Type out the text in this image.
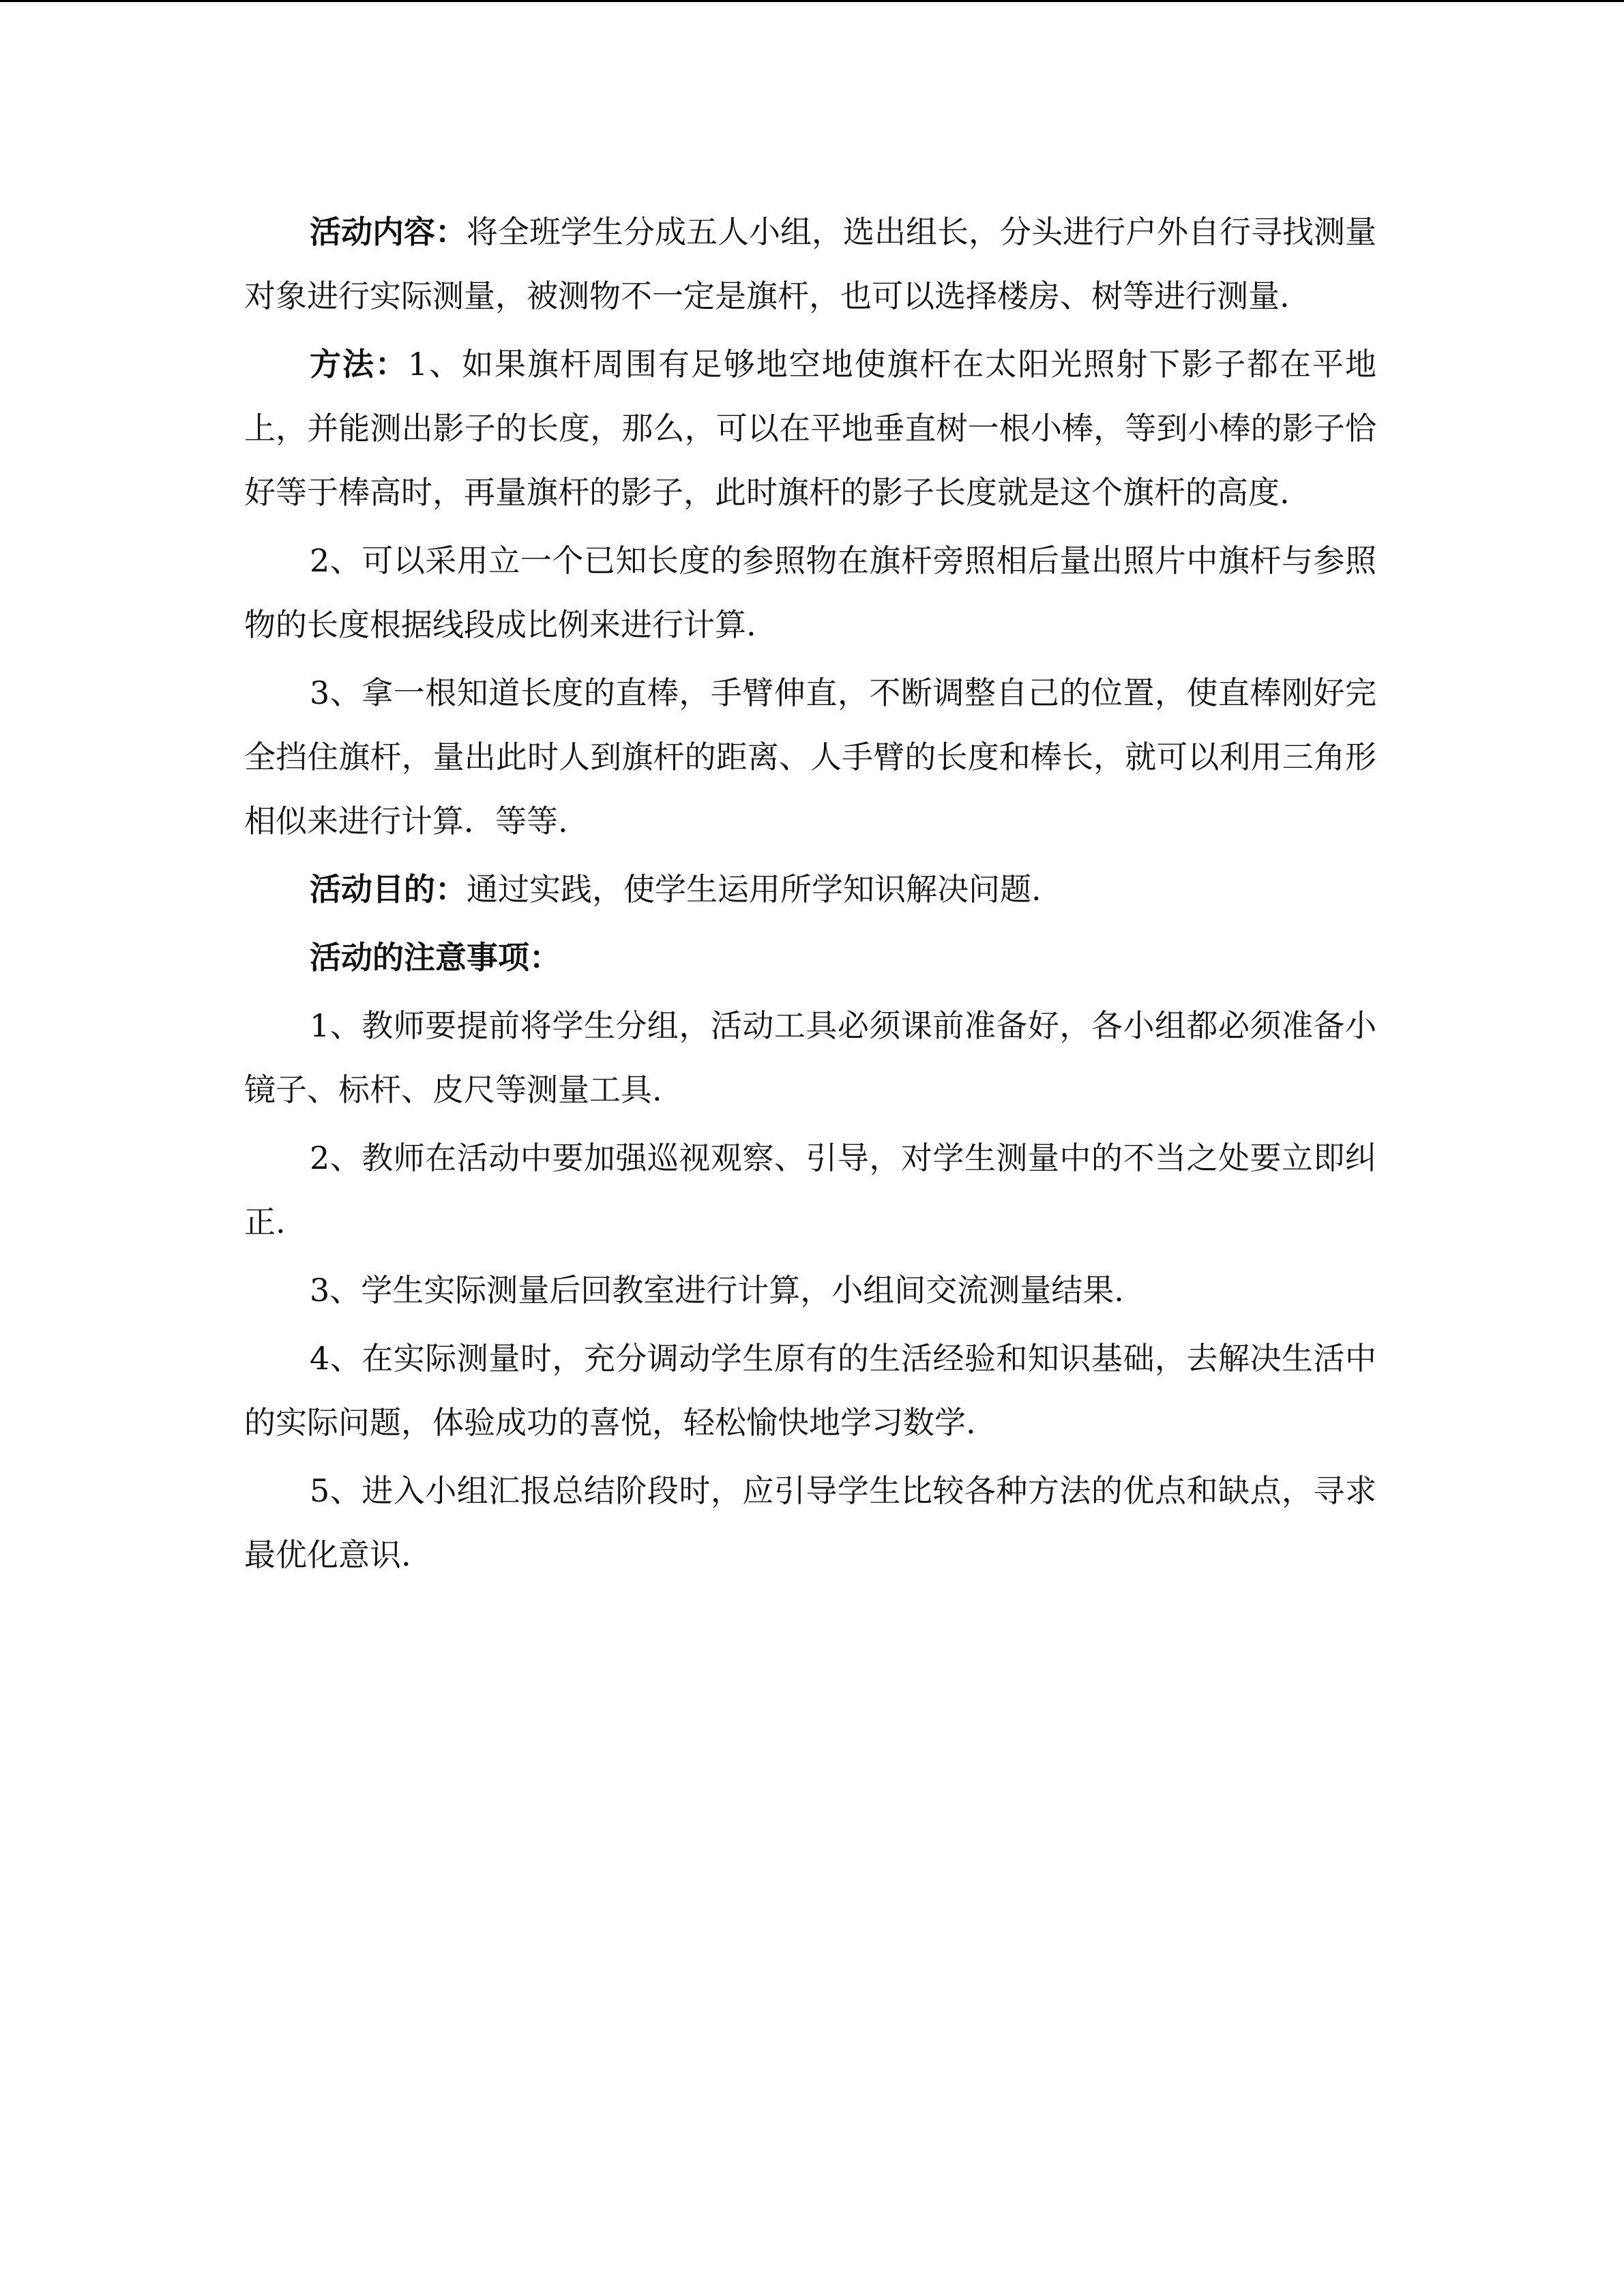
活动内容：将全班学生分成五人小组，选出组长，分头进行户外自行寻找测量对象进行实际测量，被测物不一定是旗杆，也可以选择楼房、树等进行测量.

方法：1、如果旗杆周围有足够地空地使旗杆在太阳光照射下影子都在平地上，并能测出影子的长度，那么，可以在平地垂直树一根小棒，等到小棒的影子恰好等于棒高时，再量旗杆的影子，此时旗杆的影子长度就是这个旗杆的高度.

2、可以采用立一个已知长度的参照物在旗杆旁照相后量出照片中旗杆与参照物的长度根据线段成比例来进行计算.

3、拿一根知道长度的直棒，手臂伸直，不断调整自己的位置，使直棒刚好完全挡住旗杆，量出此时人到旗杆的距离、人手臂的长度和棒长，就可以利用三角形相似来进行计算．等等.

活动目的：通过实践，使学生运用所学知识解决问题.

活动的注意事项：

1、教师要提前将学生分组，活动工具必须课前准备好，各小组都必须准备小镜子、标杆、皮尺等测量工具.

2、教师在活动中要加强巡视观察、引导，对学生测量中的不当之处要立即纠正.

3、学生实际测量后回教室进行计算，小组间交流测量结果.

4、在实际测量时，充分调动学生原有的生活经验和知识基础，去解决生活中的实际问题，体验成功的喜悦，轻松愉快地学习数学.

5、进入小组汇报总结阶段时，应引导学生比较各种方法的优点和缺点，寻求最优化意识.
